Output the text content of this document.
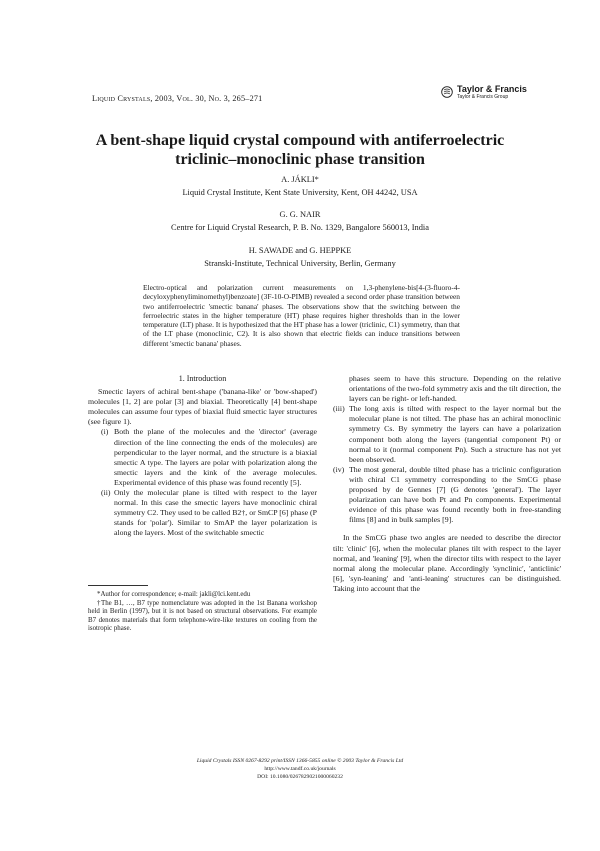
Liquid Crystals, 2003, Vol. 30, No. 3, 265–271
Taylor & Francis
Taylor & Francis Group
A bent-shape liquid crystal compound with antiferroelectric
triclinic–monoclinic phase transition
A. JÁKLI*
Liquid Crystal Institute, Kent State University, Kent, OH 44242, USA
G. G. NAIR
Centre for Liquid Crystal Research, P. B. No. 1329, Bangalore 560013, India
H. SAWADE and G. HEPPKE
Stranski-Institute, Technical University, Berlin, Germany
Electro-optical and polarization current measurements on 1,3-phenylene-bis[4-(3-fluoro-4-decyloxyphenyliminomethyl)benzoate] (3F-10-O-PIMB) revealed a second order phase transition between two antiferroelectric 'smectic banana' phases. The observations show that the switching between the ferroelectric states in the higher temperature (HT) phase requires higher thresholds than in the lower temperature (LT) phase. It is hypothesized that the HT phase has a lower (triclinic, C1) symmetry, than that of the LT phase (monoclinic, C2). It is also shown that electric fields can induce transitions between different 'smectic banana' phases.

1. Introduction

Smectic layers of achiral bent-shape ('banana-like' or 'bow-shaped') molecules [1, 2] are polar [3] and biaxial. Theoretically [4] bent-shape molecules can assume four types of biaxial fluid smectic layer structures (see figure 1).

(i) Both the plane of the molecules and the 'director' (average direction of the line connecting the ends of the molecules) are perpendicular to the layer normal, and the structure is a biaxial smectic A type. The layers are polar with polarization along the smectic layers and the kink of the average molecules. Experimental evidence of this phase was found recently [5].

(ii) Only the molecular plane is tilted with respect to the layer normal. In this case the smectic layers have monoclinic chiral symmetry C2. They used to be called B2†, or SmCP [6] phase (P stands for 'polar'). Similar to SmAP the layer polarization is along the layers. Most of the switchable smectic

*Author for correspondence; e-mail: jakli@lci.kent.edu

†The B1, …, B7 type nomenclature was adopted in the 1st Banana workshop held in Berlin (1997), but it is not based on structural observations. For example B7 denotes materials that form telephone-wire-like textures on cooling from the isotropic phase.

phases seem to have this structure. Depending on the relative orientations of the two-fold symmetry axis and the tilt direction, the layers can be right- or left-handed.

(iii) The long axis is tilted with respect to the layer normal but the molecular plane is not tilted. The phase has an achiral monoclinic symmetry Cs. By symmetry the layers can have a polarization component both along the layers (tangential component Pt) or normal to it (normal component Pn). Such a structure has not yet been observed.

(iv) The most general, double tilted phase has a triclinic configuration with chiral C1 symmetry corresponding to the SmCG phase proposed by de Gennes [7] (G denotes 'general'). The layer polarization can have both Pt and Pn components. Experimental evidence of this phase was found recently both in free-standing films [8] and in bulk samples [9].

In the SmCG phase two angles are needed to describe the director tilt: 'clinic' [6], when the molecular planes tilt with respect to the layer normal, and 'leaning' [9], when the director tilts with respect to the layer normal along the molecular plane. Accordingly 'synclinic', 'anticlinic' [6], 'syn-leaning' and 'anti-leaning' structures can be distinguished. Taking into account that the

Liquid Crystals ISSN 0267-8292 print/ISSN 1366-5855 online © 2003 Taylor & Francis Ltd
http://www.tandf.co.uk/journals
DOI: 10.1080/0267829021000060232
